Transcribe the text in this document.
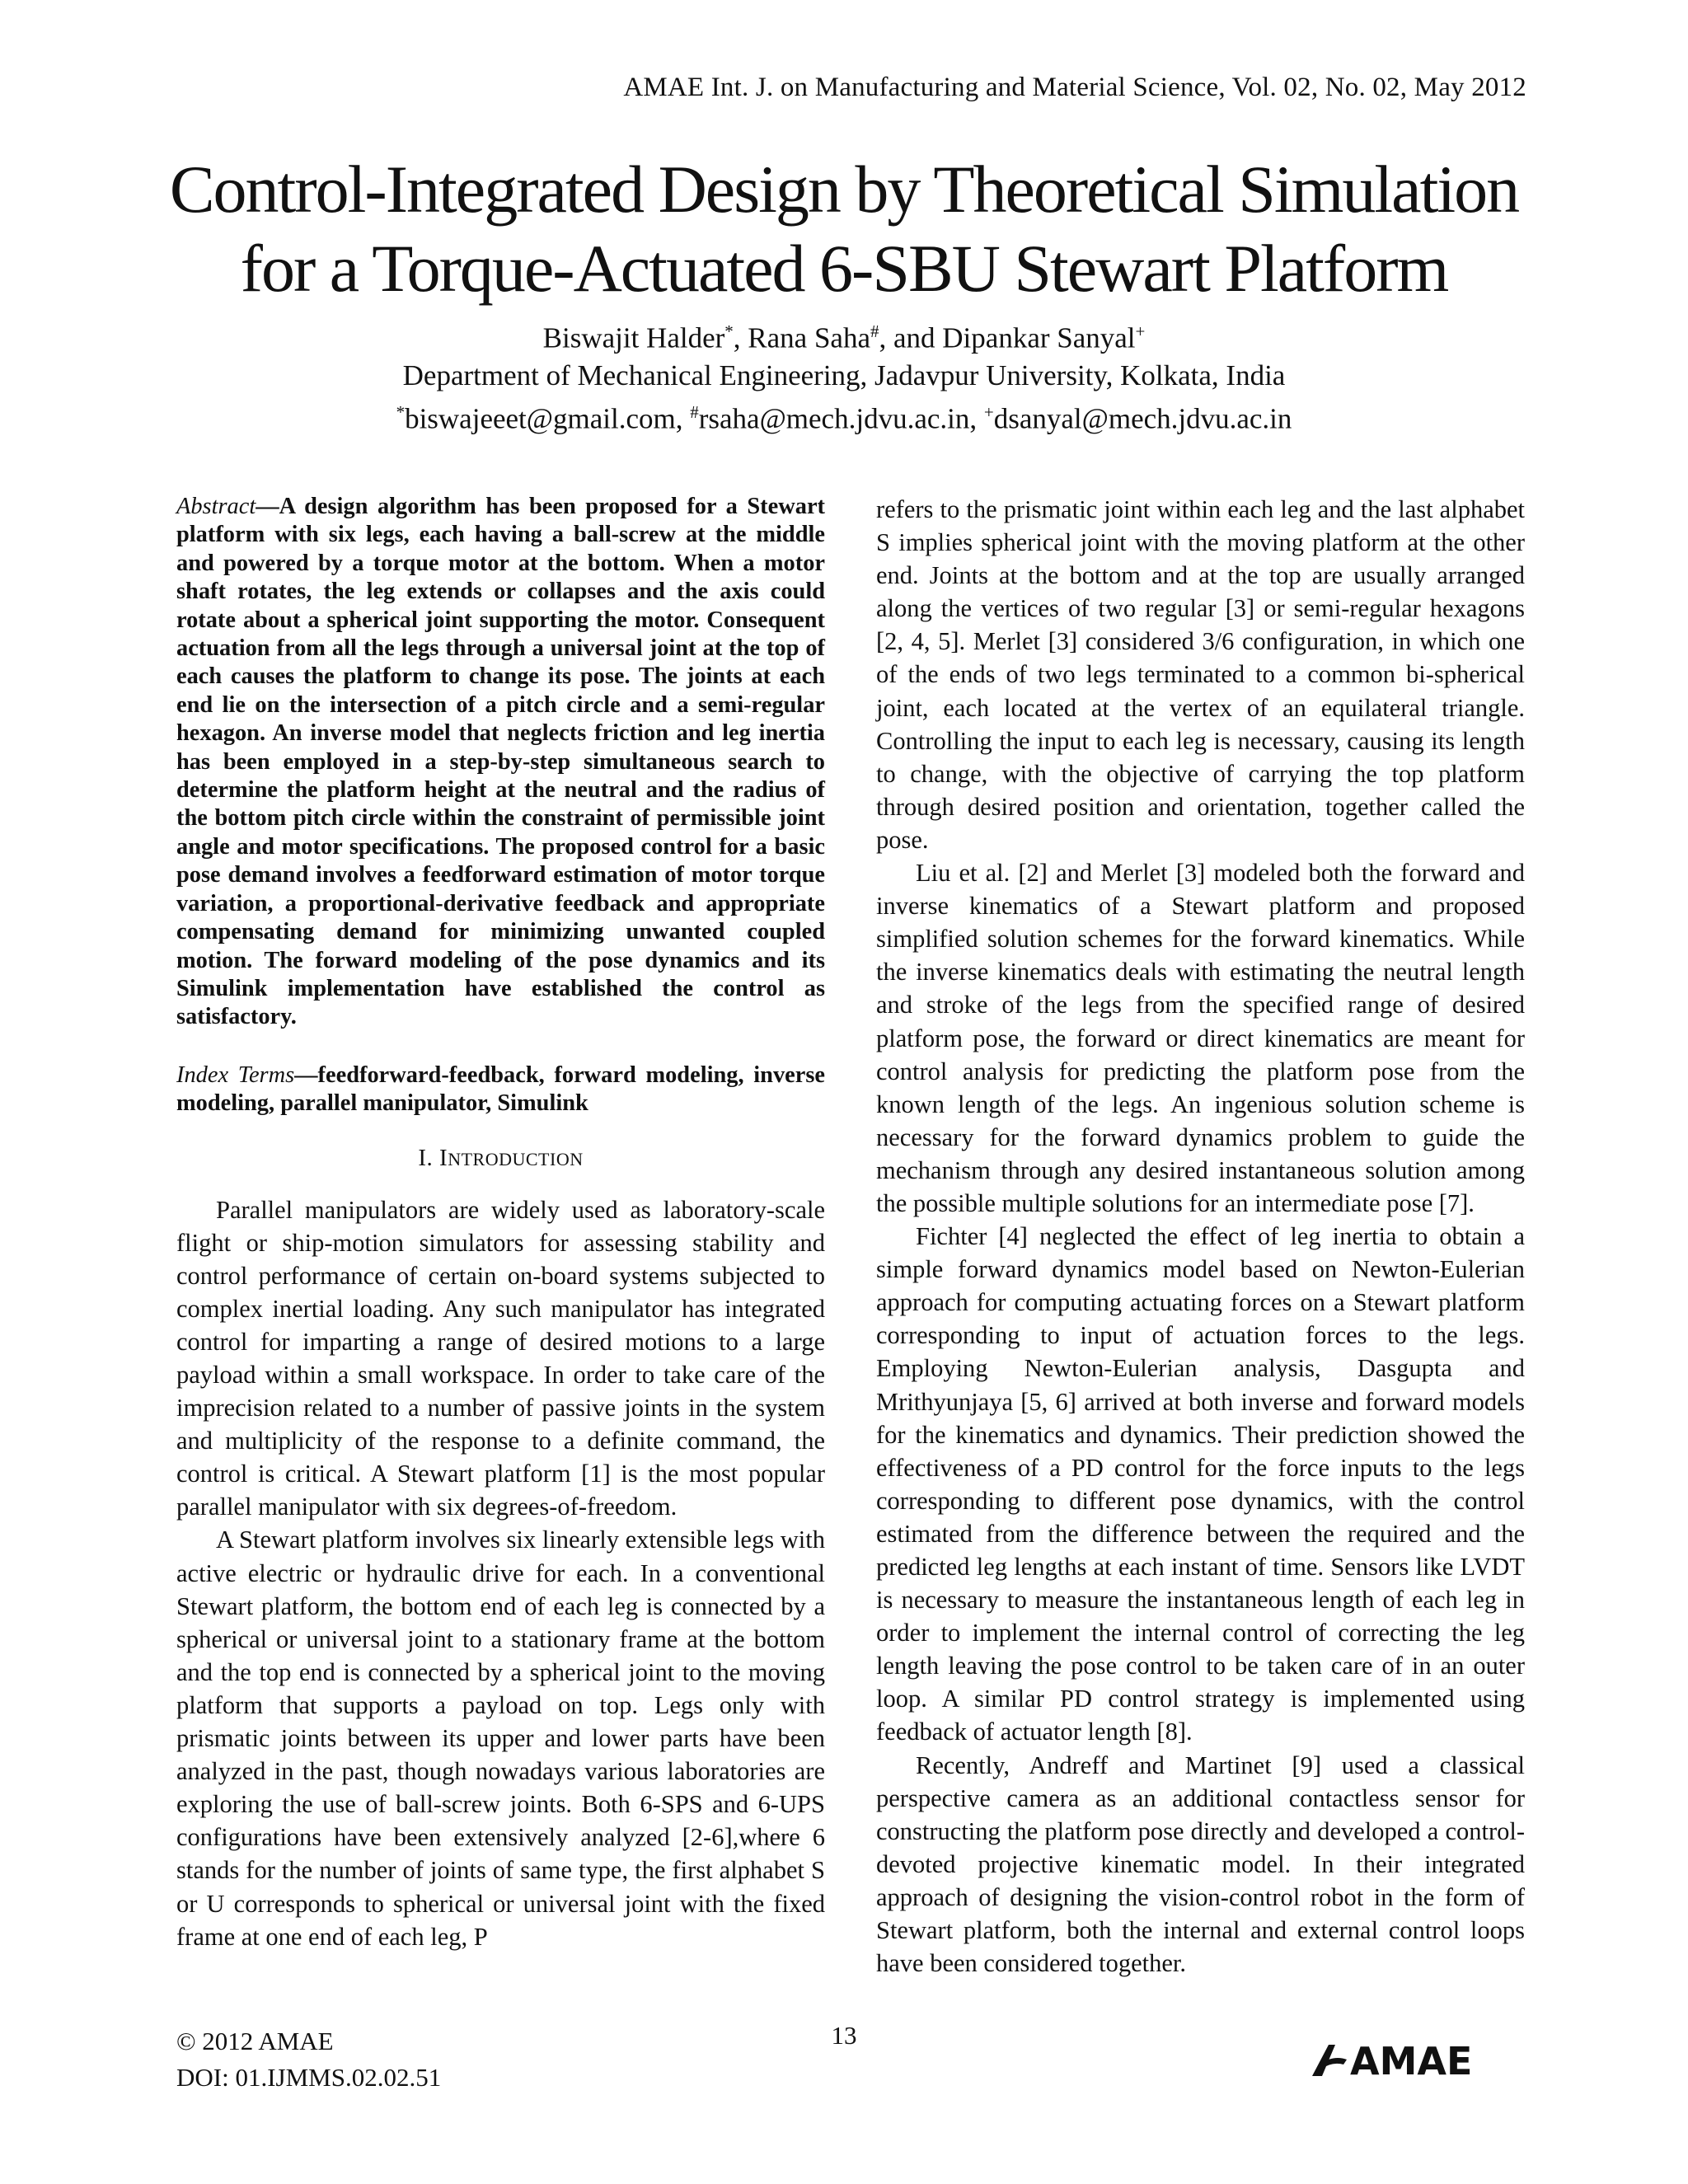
AMAE Int. J. on Manufacturing and Material Science, Vol. 02, No. 02, May 2012
Control-Integrated Design by Theoretical Simulation
for a Torque-Actuated 6-SBU Stewart Platform
Biswajit Halder*, Rana Saha#, and Dipankar Sanyal+
Department of Mechanical Engineering, Jadavpur University, Kolkata, India
*biswajeeet@gmail.com, #rsaha@mech.jdvu.ac.in, +dsanyal@mech.jdvu.ac.in
Abstract—A design algorithm has been proposed for a Stewart platform with six legs, each having a ball-screw at the middle and powered by a torque motor at the bottom. When a motor shaft rotates, the leg extends or collapses and the axis could rotate about a spherical joint supporting the motor. Consequent actuation from all the legs through a universal joint at the top of each causes the platform to change its pose. The joints at each end lie on the intersection of a pitch circle and a semi-regular hexagon. An inverse model that neglects friction and leg inertia has been employed in a step-by-step simultaneous search to determine the platform height at the neutral and the radius of the bottom pitch circle within the constraint of permissible joint angle and motor specifications. The proposed control for a basic pose demand involves a feedforward estimation of motor torque variation, a proportional-derivative feedback and appropriate compensating demand for minimizing unwanted coupled motion. The forward modeling of the pose dynamics and its Simulink implementation have established the control as satisfactory.
Index Terms—feedforward-feedback, forward modeling, inverse modeling, parallel manipulator, Simulink
I. INTRODUCTION

Parallel manipulators are widely used as laboratory-scale flight or ship-motion simulators for assessing stability and control performance of certain on-board systems subjected to complex inertial loading. Any such manipulator has integrated control for imparting a range of desired motions to a large payload within a small workspace. In order to take care of the imprecision related to a number of passive joints in the system and multiplicity of the response to a definite command, the control is critical. A Stewart platform [1] is the most popular parallel manipulator with six degrees-of-freedom.

A Stewart platform involves six linearly extensible legs with active electric or hydraulic drive for each. In a conventional Stewart platform, the bottom end of each leg is connected by a spherical or universal joint to a stationary frame at the bottom and the top end is connected by a spherical joint to the moving platform that supports a payload on top. Legs only with prismatic joints between its upper and lower parts have been analyzed in the past, though nowadays various laboratories are exploring the use of ball-screw joints. Both 6-SPS and 6-UPS configurations have been extensively analyzed [2-6],where 6 stands for the number of joints of same type, the first alphabet S or U corresponds to spherical or universal joint with the fixed frame at one end of each leg, P

refers to the prismatic joint within each leg and the last alphabet S implies spherical joint with the moving platform at the other end. Joints at the bottom and at the top are usually arranged along the vertices of two regular [3] or semi-regular hexagons [2, 4, 5]. Merlet [3] considered 3/6 configuration, in which one of the ends of two legs terminated to a common bi-spherical joint, each located at the vertex of an equilateral triangle. Controlling the input to each leg is necessary, causing its length to change, with the objective of carrying the top platform through desired position and orientation, together called the pose.

Liu et al. [2] and Merlet [3] modeled both the forward and inverse kinematics of a Stewart platform and proposed simplified solution schemes for the forward kinematics. While the inverse kinematics deals with estimating the neutral length and stroke of the legs from the specified range of desired platform pose, the forward or direct kinematics are meant for control analysis for predicting the platform pose from the known length of the legs. An ingenious solution scheme is necessary for the forward dynamics problem to guide the mechanism through any desired instantaneous solution among the possible multiple solutions for an intermediate pose [7].

Fichter [4] neglected the effect of leg inertia to obtain a simple forward dynamics model based on Newton-Eulerian approach for computing actuating forces on a Stewart platform corresponding to input of actuation forces to the legs. Employing Newton-Eulerian analysis, Dasgupta and Mrithyunjaya [5, 6] arrived at both inverse and forward models for the kinematics and dynamics. Their prediction showed the effectiveness of a PD control for the force inputs to the legs corresponding to different pose dynamics, with the control estimated from the difference between the required and the predicted leg lengths at each instant of time. Sensors like LVDT is necessary to measure the instantaneous length of each leg in order to implement the internal control of correcting the leg length leaving the pose control to be taken care of in an outer loop. A similar PD control strategy is implemented using feedback of actuator length [8].

Recently, Andreff and Martinet [9] used a classical perspective camera as an additional contactless sensor for constructing the platform pose directly and developed a control-devoted projective kinematic model. In their integrated approach of designing the vision-control robot in the form of Stewart platform, both the internal and external control loops have been considered together.

© 2012 AMAE
DOI: 01.IJMMS.02.02.51
13
AMAE
